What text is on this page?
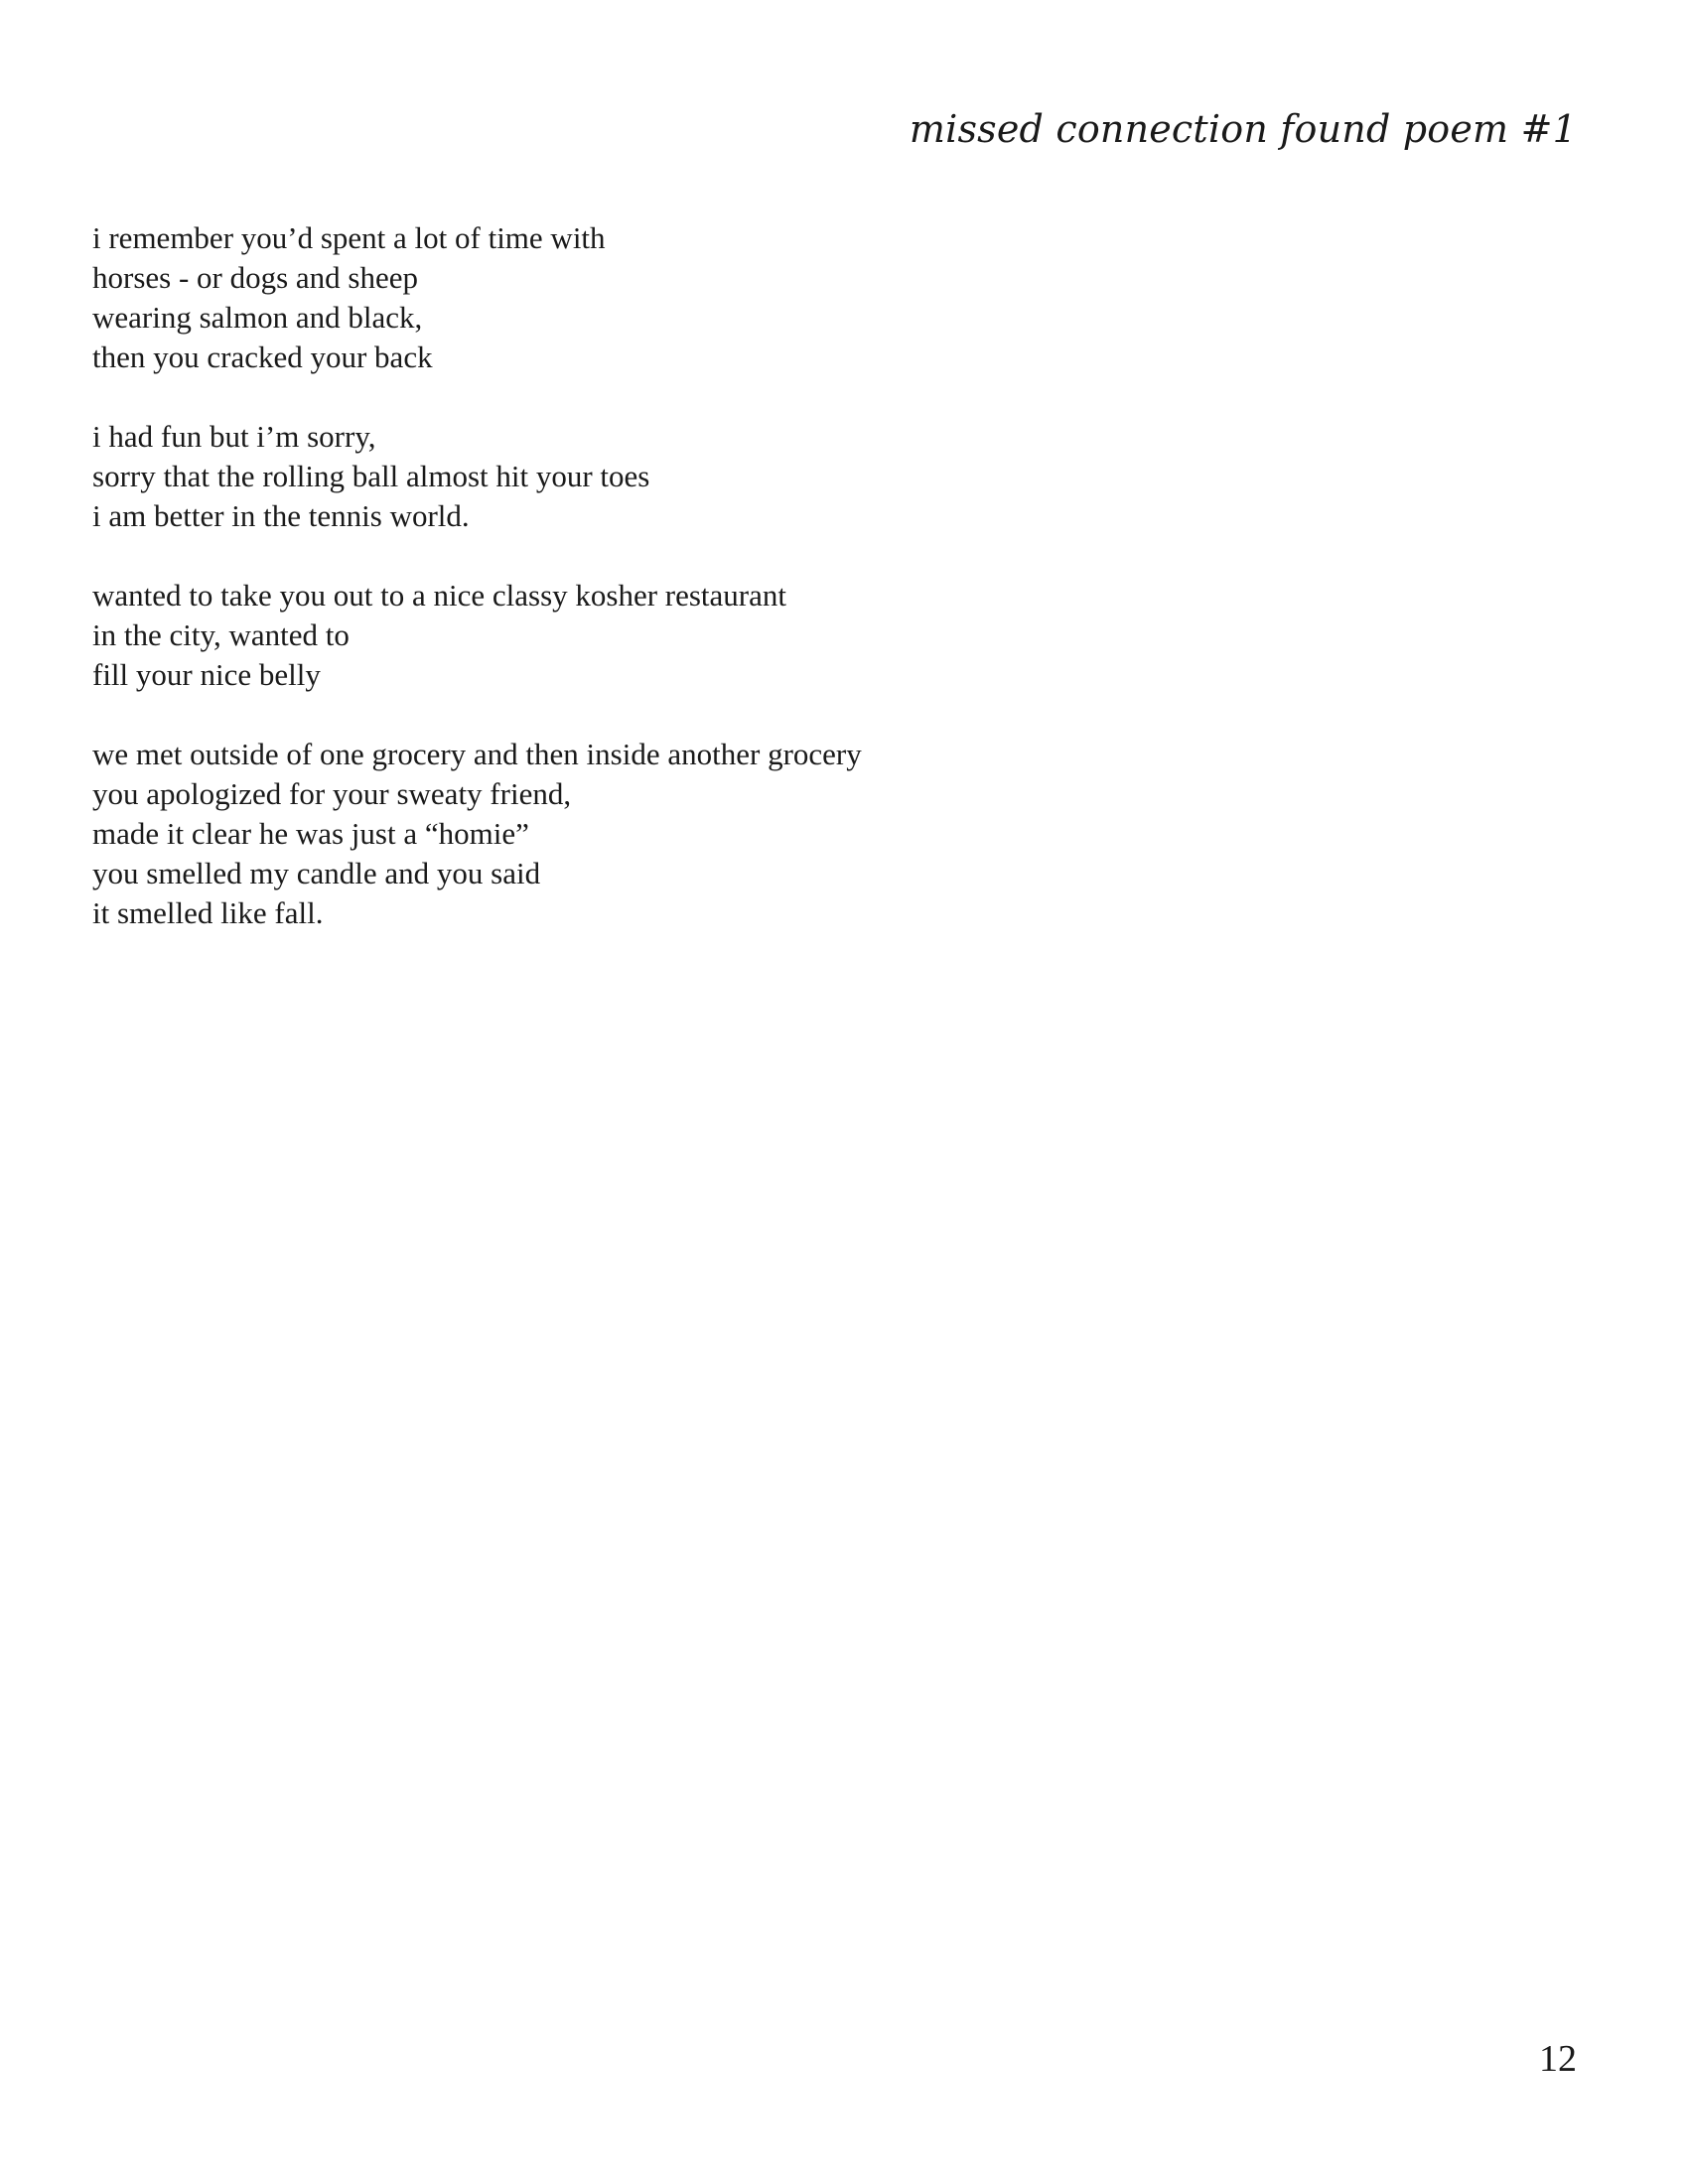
missed connection found poem #1
i remember you’d spent a lot of time with
horses - or dogs and sheep
wearing salmon and black,
then you cracked your back
i had fun but i’m sorry,
sorry that the rolling ball almost hit your toes
i am better in the tennis world.
wanted to take you out to a nice classy kosher restaurant
in the city, wanted to
fill your nice belly
we met outside of one grocery and then inside another grocery
you apologized for your sweaty friend,
made it clear he was just a “homie”
you smelled my candle and you said
it smelled like fall.
12
